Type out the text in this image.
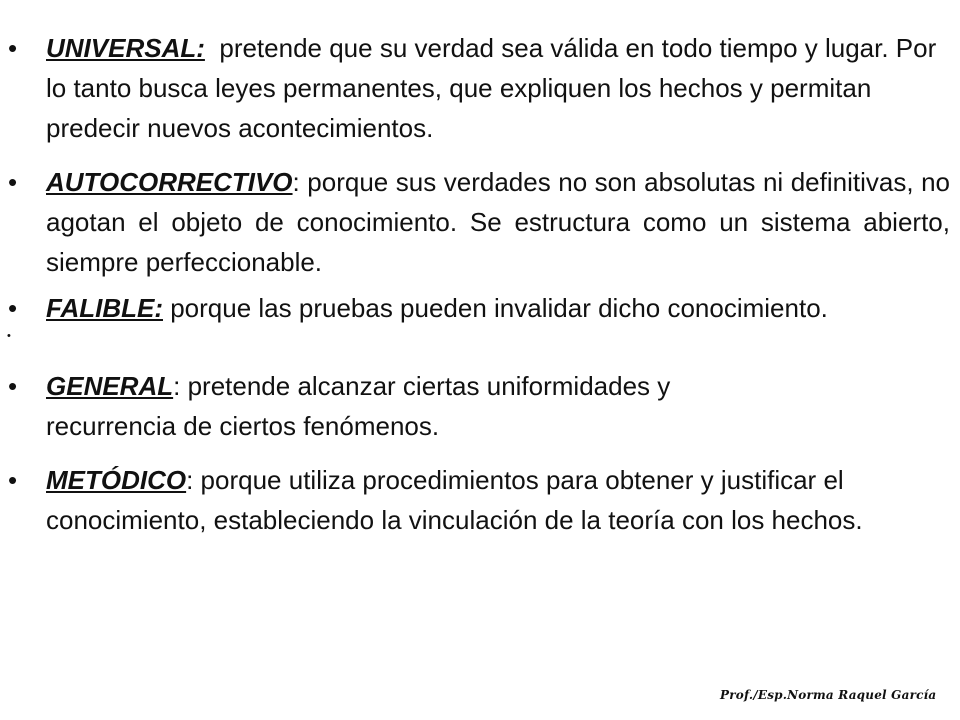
• UNIVERSAL:  pretende que su verdad sea válida en todo tiempo y lugar. Por lo tanto busca leyes permanentes, que expliquen los hechos y permitan predecir nuevos acontecimientos.
• AUTOCORRECTIVO: porque sus verdades no son absolutas ni definitivas, no agotan el objeto de conocimiento. Se estructura como un sistema abierto, siempre perfeccionable.
• FALIBLE: porque las pruebas pueden invalidar dicho conocimiento.
•
• GENERAL: pretende alcanzar ciertas uniformidades y recurrencia de ciertos fenómenos.
• METÓDICO: porque utiliza procedimientos para obtener y justificar el conocimiento, estableciendo la vinculación de la teoría con los hechos.
Prof./Esp.Norma Raquel García
